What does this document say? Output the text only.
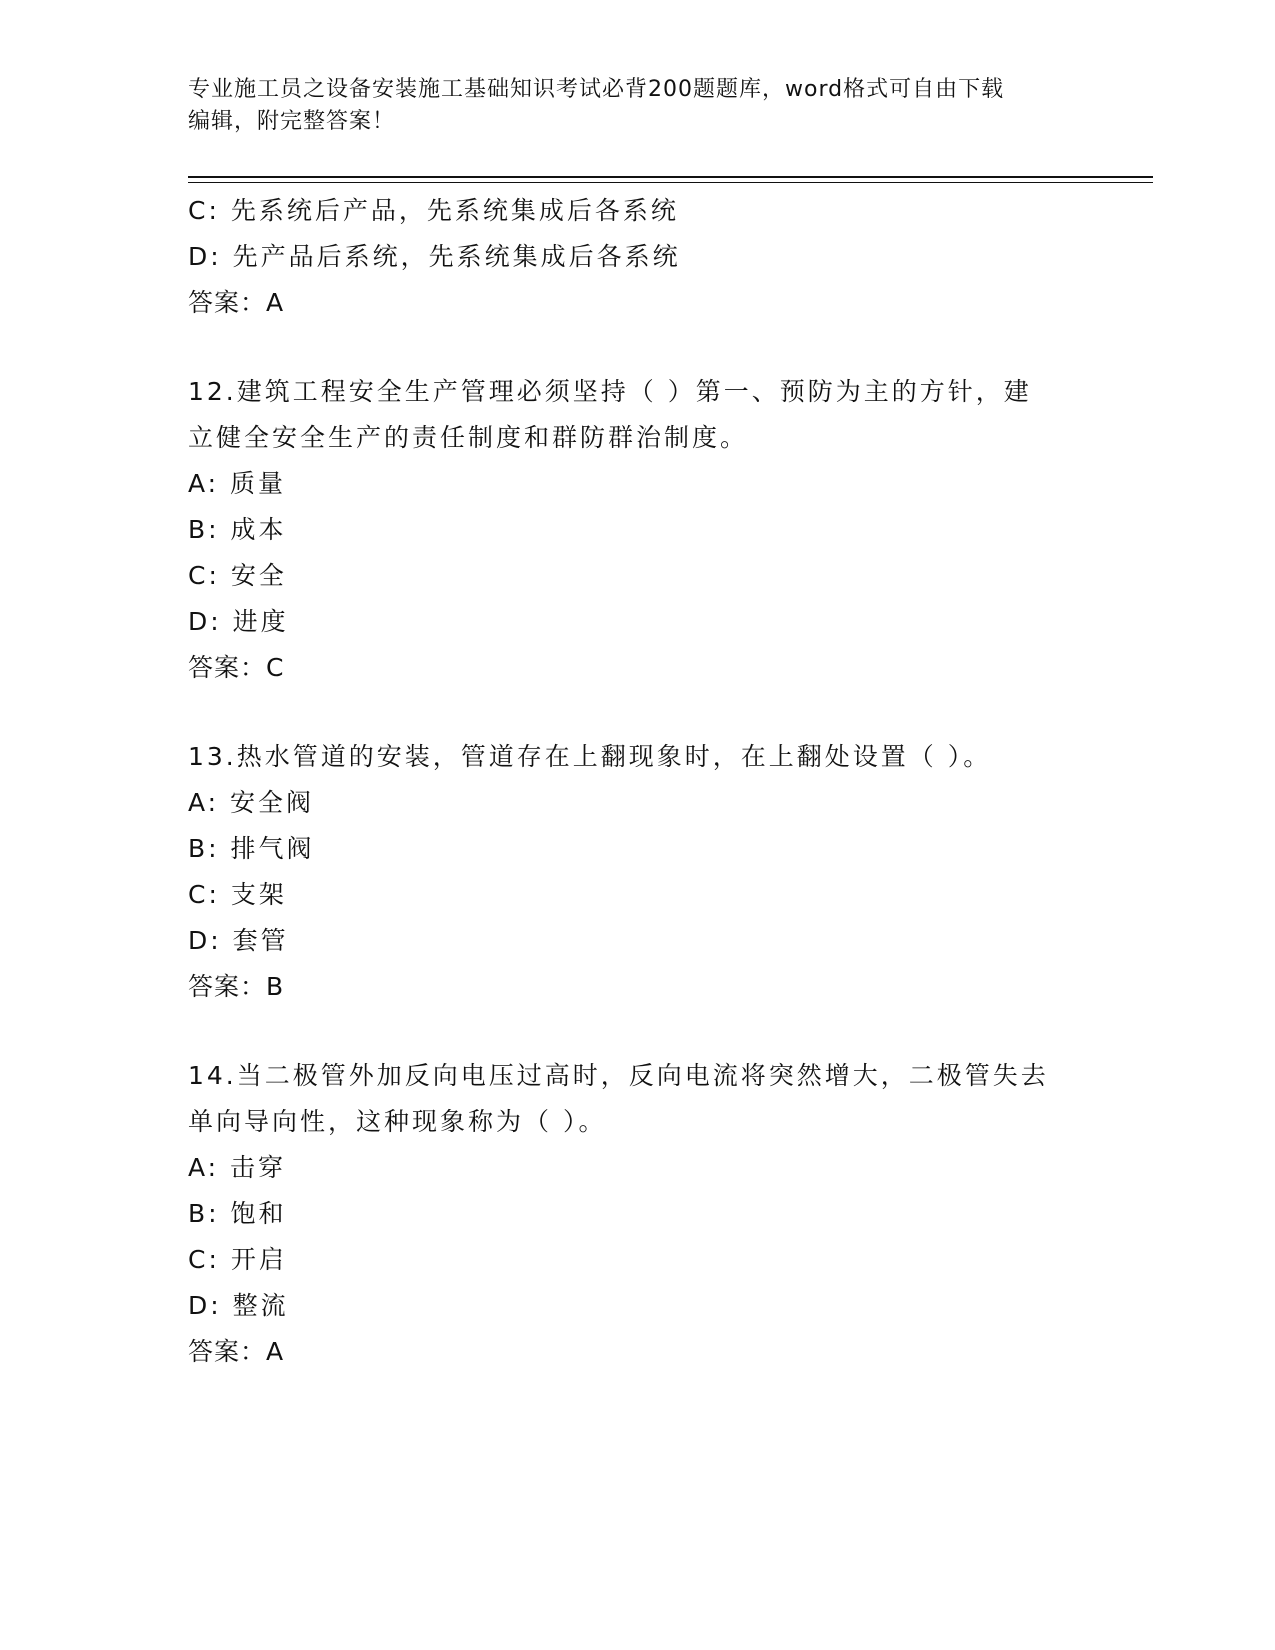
专业施工员之设备安装施工基础知识考试必背200题题库，word格式可自由下载
编辑，附完整答案！
C: 先系统后产品，先系统集成后各系统
D: 先产品后系统，先系统集成后各系统
答案：A
12.建筑工程安全生产管理必须坚持（ ）第一、预防为主的方针，建
立健全安全生产的责任制度和群防群治制度。
A: 质量
B: 成本
C: 安全
D: 进度
答案：C
13.热水管道的安装，管道存在上翻现象时，在上翻处设置（ ）。
A: 安全阀
B: 排气阀
C: 支架
D: 套管
答案：B
14.当二极管外加反向电压过高时，反向电流将突然增大，二极管失去
单向导向性，这种现象称为（ ）。
A: 击穿
B: 饱和
C: 开启
D: 整流
答案：A
